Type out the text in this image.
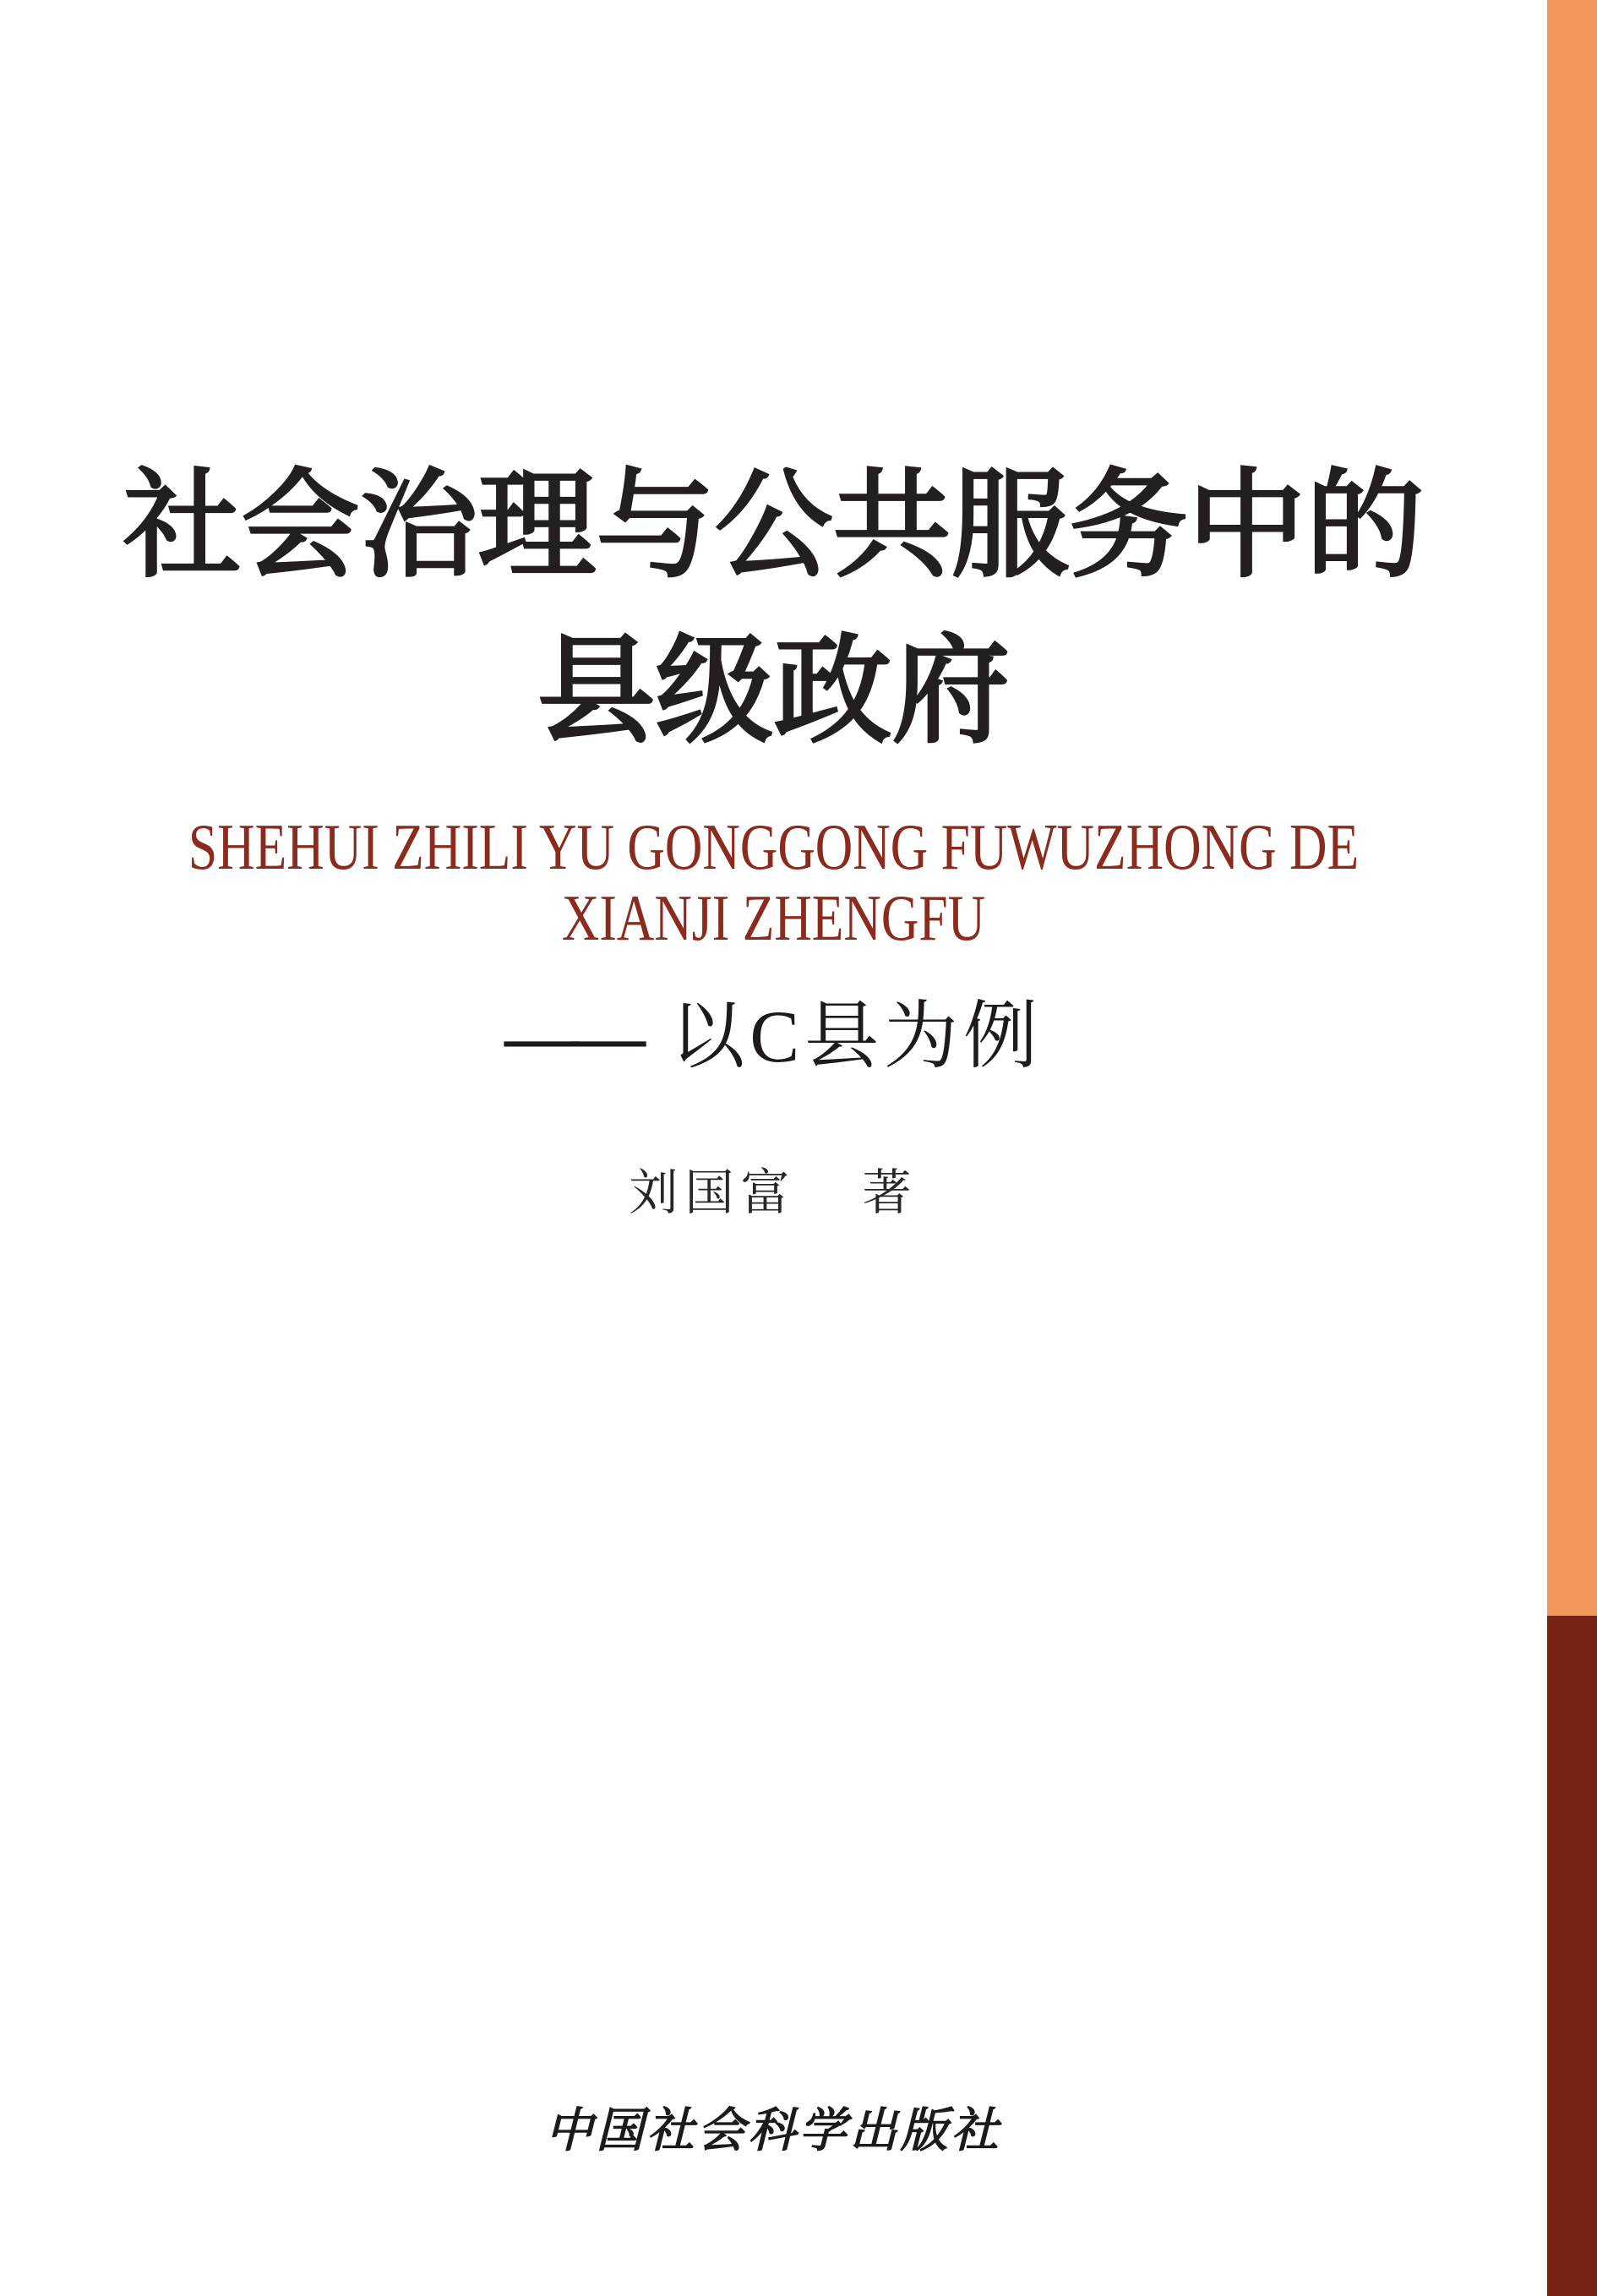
社会治理与公共服务中的
县级政府
SHEHUI ZHILI YU GONGGONG FUWUZHONG DE
XIANJI ZHENGFU
—— 以C县为例
刘国富 著
中国社会科学出版社
